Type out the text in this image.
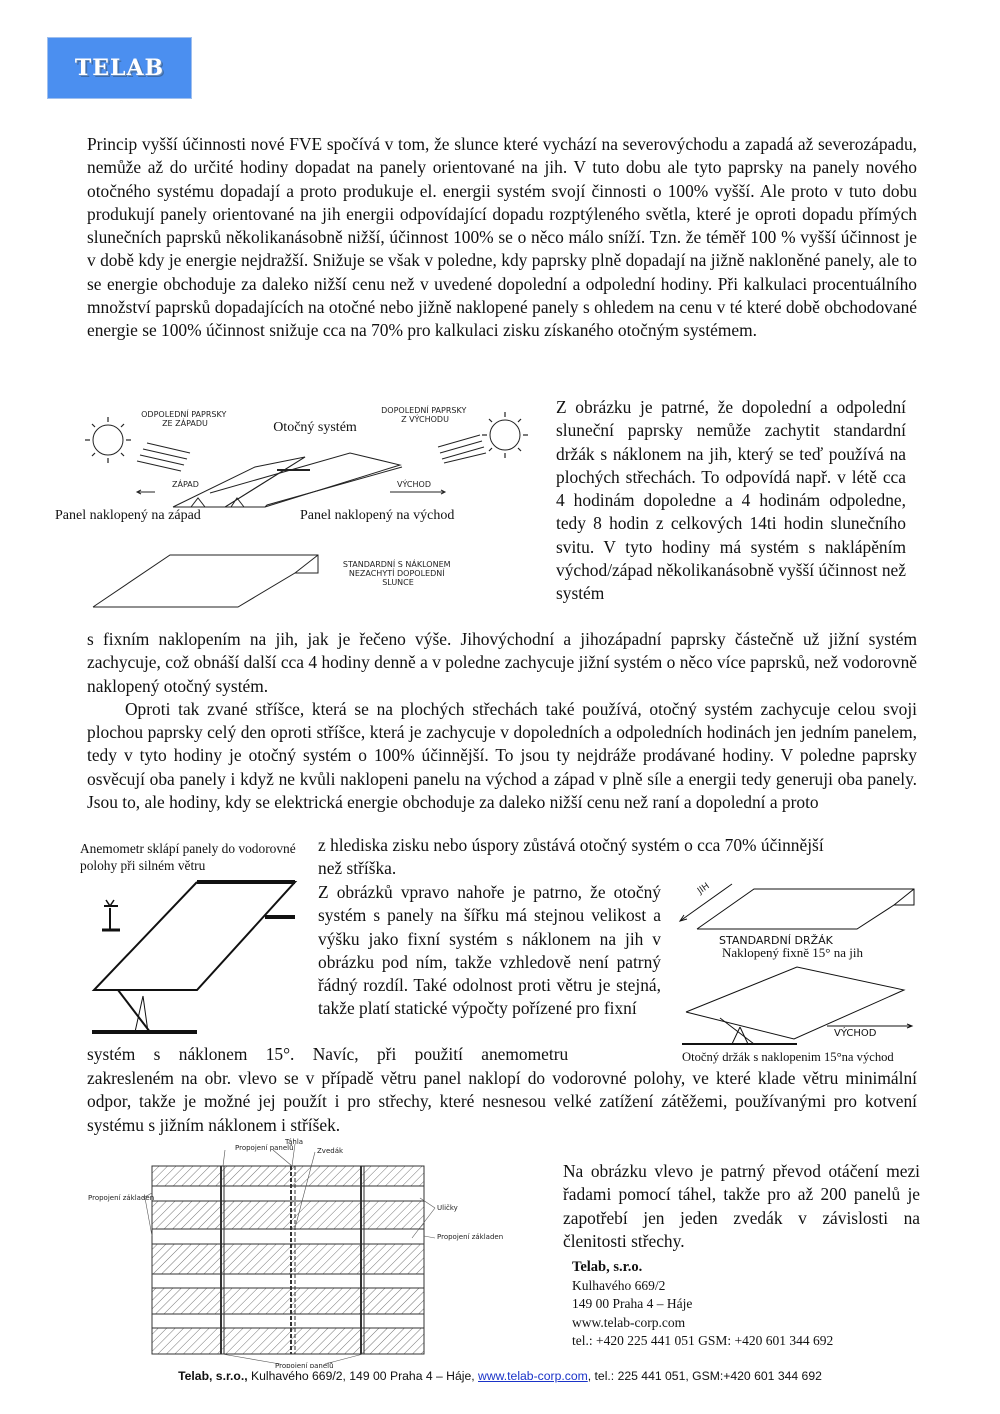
TELAB

Princip vyšší účinnosti nové FVE spočívá v tom, že slunce které vychází na severovýchodu a zapadá až severozápadu, nemůže až do určité hodiny dopadat na panely orientované na jih. V tuto dobu ale tyto paprsky na panely nového otočného systému dopadají a proto produkuje el. energii systém svojí činnosti o 100% vyšší. Ale proto v tuto dobu produkují panely orientované na jih energii odpovídající dopadu rozptýleného světla, které je oproti dopadu přímých slunečních paprsků několikanásobně nižší, účinnost 100% se o něco málo sníží. Tzn. že téměř 100 % vyšší účinnost je v době kdy je energie nejdražší. Snižuje se však v poledne, kdy paprsky plně dopadají na jižně nakloněné panely, ale to se energie obchoduje za daleko nižší cenu než v uvedené dopolední a odpolední hodiny. Při kalkulaci procentuálního množství paprsků dopadajících na otočné nebo jižně naklopené panely s ohledem na cenu v té které době obchodované energie se 100% účinnost snižuje cca na 70% pro kalkulaci zisku získaného otočným systémem.

ODPOLEDNÍ PAPRSKY ZE ZÁPADU
DOPOLEDNÍ PAPRSKY Z VÝCHODU
Otočný systém
ZÁPAD	VÝCHOD
Panel naklopený na západ	Panel naklopený na východ
STANDARDNÍ S NÁKLONEM NEZACHYTÍ DOPOLEDNÍ SLUNCE

Z obrázku je patrné, že dopolední a odpolední sluneční paprsky nemůže zachytit standardní držák s náklonem na jih, který se teď používá na plochých střechách. To odpovídá např. v létě cca 4 hodinám dopoledne a 4 hodinám odpoledne, tedy 8 hodin z celkových 14ti hodin slunečního svitu. V tyto hodiny má systém s naklápěním východ/západ několikanásobně vyšší účinnost než systém

s fixním naklopením na jih, jak je řečeno výše. Jihovýchodní a jihozápadní paprsky částečně už jižní systém zachycuje, což obnáší další cca 4 hodiny denně a v poledne zachycuje jižní systém o něco více paprsků, než vodorovně naklopený otočný systém.

Oproti tak zvané stříšce, která se na plochých střechách také používá, otočný systém zachycuje celou svoji plochou paprsky celý den oproti stříšce, která je zachycuje v dopoledních a odpoledních hodinách jen jedním panelem, tedy v tyto hodiny je otočný systém o 100% účinnější. To jsou ty nejdráže prodávané hodiny. V poledne paprsky osvěcují oba panely i když ne kvůli naklopeni panelu na východ a západ v plně síle a energii tedy generuji oba panely. Jsou to, ale hodiny, kdy se elektrická energie obchoduje za daleko nižší cenu než raní a dopolední a proto

Anemometr sklápí panely do vodorovné polohy při silném větru

z hlediska zisku nebo úspory zůstává otočný systém o cca 70% účinnější

než stříška.

Z obrázků vpravo nahoře je patrno, že otočný systém s panely na šířku má stejnou velikost a výšku jako fixní systém s náklonem na jih v obrázku pod ním, takže vzhledově není patrný řádný rozdíl. Také odolnost proti větru je stejná, takže platí statické výpočty pořízené pro fixní

JIH
STANDARDNÍ DRŽÁK
Naklopený fixně 15° na jih
VÝCHOD
Otočný držák s naklopenim 15°na východ

systém s náklonem 15°. Navíc, při použití anemometru

zakresleném na obr. vlevo se v případě větru panel naklopí do vodorovné polohy, ve které klade větru minimální odpor, takže je možné jej použít i pro střechy, které nesnesou velké zatížení zátěžemi, používanými pro kotvení systému s jižním náklonem i stříšek.

Táhla
Propojení panelů	Zvedák
Propojení základen
Uličky
Propojení základen
Propojení panelů

Na obrázku vlevo je patrný převod otáčení mezi řadami pomocí táhel, takže pro až 200 panelů je zapotřebí jen jeden zvedák v závislosti na členitosti střechy.

Telab, s.r.o.
Kulhavého 669/2
149 00 Praha 4 – Háje
www.telab-corp.com
tel.: +420 225 441 051 GSM: +420 601 344 692
Telab, s.r.o., Kulhavého 669/2, 149 00 Praha 4 – Háje, www.telab-corp.com, tel.: 225 441 051, GSM:+420 601 344 692
